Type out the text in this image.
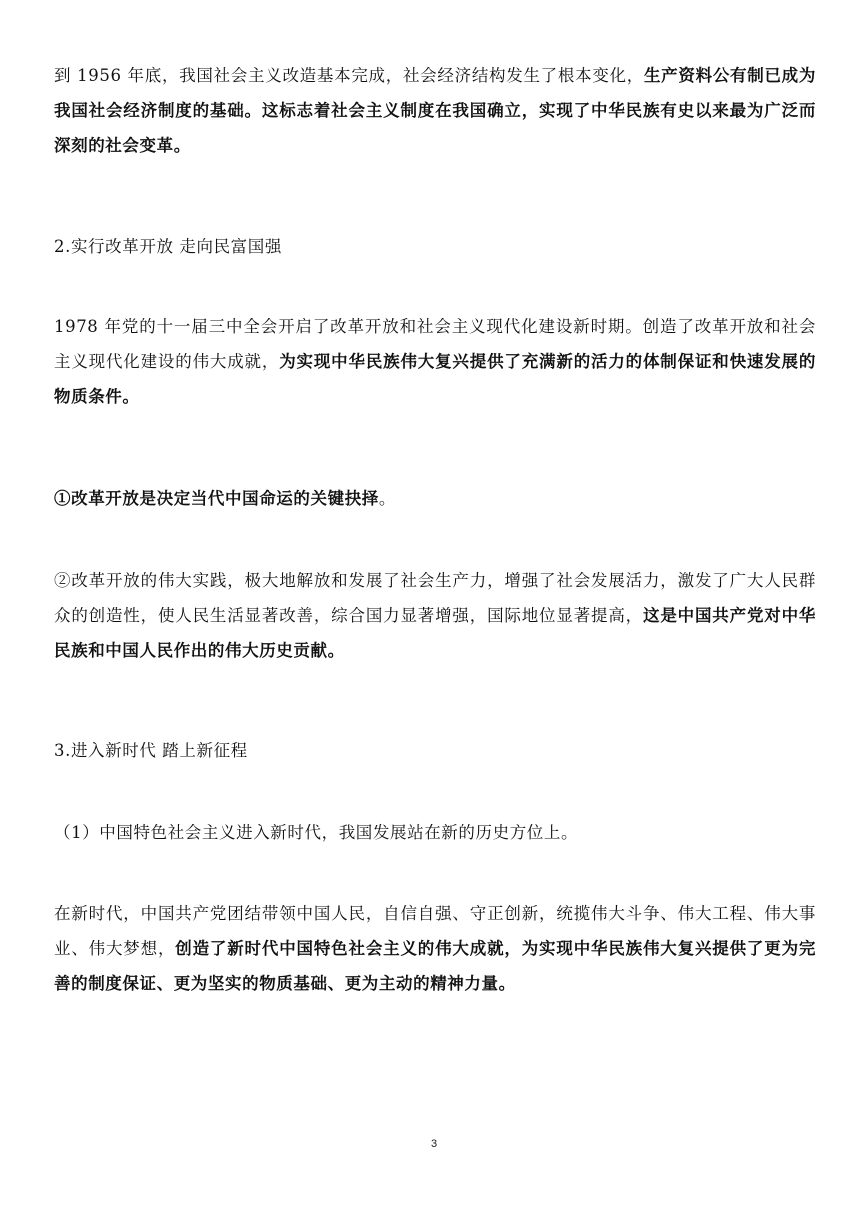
到 1956 年底，我国社会主义改造基本完成，社会经济结构发生了根本变化，生产资料公有制已成为我国社会经济制度的基础。这标志着社会主义制度在我国确立，实现了中华民族有史以来最为广泛而深刻的社会变革。

2.实行改革开放 走向民富国强

1978 年党的十一届三中全会开启了改革开放和社会主义现代化建设新时期。创造了改革开放和社会主义现代化建设的伟大成就，为实现中华民族伟大复兴提供了充满新的活力的体制保证和快速发展的物质条件。

①改革开放是决定当代中国命运的关键抉择。

②改革开放的伟大实践，极大地解放和发展了社会生产力，增强了社会发展活力，激发了广大人民群众的创造性，使人民生活显著改善，综合国力显著增强，国际地位显著提高，这是中国共产党对中华民族和中国人民作出的伟大历史贡献。

3.进入新时代 踏上新征程

（1）中国特色社会主义进入新时代，我国发展站在新的历史方位上。

在新时代，中国共产党团结带领中国人民，自信自强、守正创新，统揽伟大斗争、伟大工程、伟大事业、伟大梦想，创造了新时代中国特色社会主义的伟大成就，为实现中华民族伟大复兴提供了更为完善的制度保证、更为坚实的物质基础、更为主动的精神力量。

3
